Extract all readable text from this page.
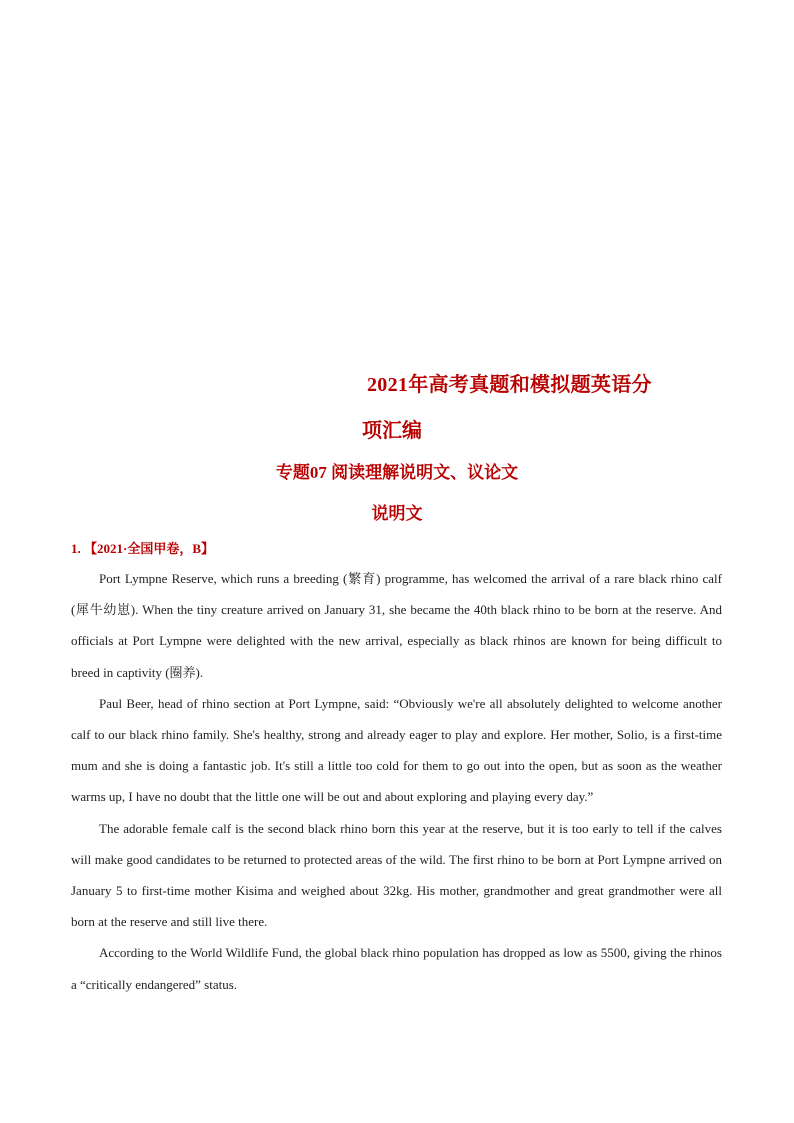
2021年高考真题和模拟题英语分
项汇编
专题07 阅读理解说明文、议论文
说明文
1. 【2021·全国甲卷，B】

Port Lympne Reserve, which runs a breeding (繁育) programme, has welcomed the arrival of a rare black rhino calf (犀牛幼崽). When the tiny creature arrived on January 31, she became the 40th black rhino to be born at the reserve. And officials at Port Lympne were delighted with the new arrival, especially as black rhinos are known for being difficult to breed in captivity (圈养).

Paul Beer, head of rhino section at Port Lympne, said: “Obviously we're all absolutely delighted to welcome another calf to our black rhino family. She's healthy, strong and already eager to play and explore. Her mother, Solio, is a first-time mum and she is doing a fantastic job. It's still a little too cold for them to go out into the open, but as soon as the weather warms up, I have no doubt that the little one will be out and about exploring and playing every day.”

The adorable female calf is the second black rhino born this year at the reserve, but it is too early to tell if the calves will make good candidates to be returned to protected areas of the wild. The first rhino to be born at Port Lympne arrived on January 5 to first-time mother Kisima and weighed about 32kg. His mother, grandmother and great grandmother were all born at the reserve and still live there.

According to the World Wildlife Fund, the global black rhino population has dropped as low as 5500, giving the rhinos a “critically endangered” status.
